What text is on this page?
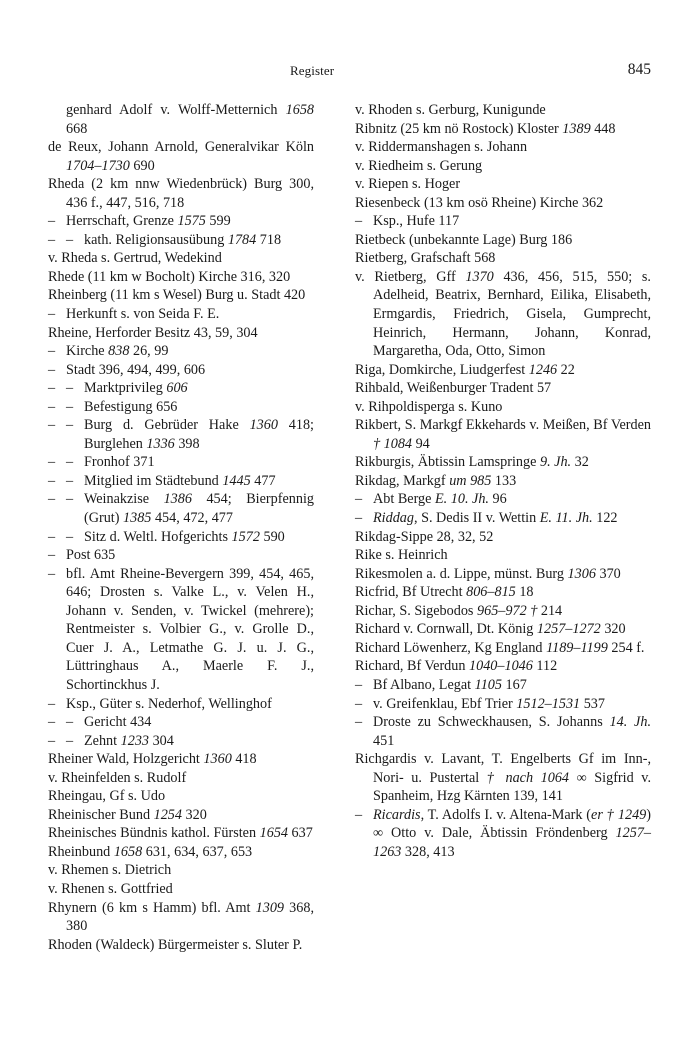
Register	845
genhard Adolf v. Wolff-Metternich 1658 668
de Reux, Johann Arnold, Generalvikar Köln 1704–1730 690
Rheda (2 km nnw Wiedenbrück) Burg 300, 436 f., 447, 516, 718
– Herrschaft, Grenze 1575 599
– – kath. Religionsausübung 1784 718
v. Rheda s. Gertrud, Wedekind
Rhede (11 km w Bocholt) Kirche 316, 320
Rheinberg (11 km s Wesel) Burg u. Stadt 420
– Herkunft s. von Seida F. E.
Rheine, Herforder Besitz 43, 59, 304
– Kirche 838 26, 99
– Stadt 396, 494, 499, 606
– – Marktprivileg 606
– – Befestigung 656
– – Burg d. Gebrüder Hake 1360 418; Burglehen 1336 398
– – Fronhof 371
– – Mitglied im Städtebund 1445 477
– – Weinakzise 1386 454; Bierpfennig (Grut) 1385 454, 472, 477
– – Sitz d. Weltl. Hofgerichts 1572 590
– Post 635
– bfl. Amt Rheine-Bevergern 399, 454, 465, 646; Drosten s. Valke L., v. Velen H., Johann v. Senden, v. Twickel (mehrere); Rentmeister s. Volbier G., v. Grolle D., Cuer J. A., Letmathe G. J. u. J. G., Lüttringhaus A., Maerle F. J., Schortinckhus J.
– Ksp., Güter s. Nederhof, Wellinghof
– – Gericht 434
– – Zehnt 1233 304
Rheiner Wald, Holzgericht 1360 418
v. Rheinfelden s. Rudolf
Rheingau, Gf s. Udo
Rheinischer Bund 1254 320
Rheinisches Bündnis kathol. Fürsten 1654 637
Rheinbund 1658 631, 634, 637, 653
v. Rhemen s. Dietrich
v. Rhenen s. Gottfried
Rhynern (6 km s Hamm) bfl. Amt 1309 368, 380
Rhoden (Waldeck) Bürgermeister s. Sluter P.
v. Rhoden s. Gerburg, Kunigunde
Ribnitz (25 km nö Rostock) Kloster 1389 448
v. Riddermanshagen s. Johann
v. Riedheim s. Gerung
v. Riepen s. Hoger
Riesenbeck (13 km osö Rheine) Kirche 362
– Ksp., Hufe 117
Rietbeck (unbekannte Lage) Burg 186
Rietberg, Grafschaft 568
v. Rietberg, Gff 1370 436, 456, 515, 550; s. Adelheid, Beatrix, Bernhard, Eilika, Elisabeth, Ermgardis, Friedrich, Gisela, Gumprecht, Heinrich, Hermann, Johann, Konrad, Margaretha, Oda, Otto, Simon
Riga, Domkirche, Liudgerfest 1246 22
Rihbald, Weißenburger Tradent 57
v. Rihpoldisperga s. Kuno
Rikbert, S. Markgf Ekkehards v. Meißen, Bf Verden † 1084 94
Rikburgis, Äbtissin Lamspringe 9. Jh. 32
Rikdag, Markgf um 985 133
– Abt Berge E. 10. Jh. 96
– Riddag, S. Dedis II v. Wettin E. 11. Jh. 122
Rikdag-Sippe 28, 32, 52
Rike s. Heinrich
Rikesmolen a. d. Lippe, münst. Burg 1306 370
Ricfrid, Bf Utrecht 806–815 18
Richar, S. Sigebodos 965–972 † 214
Richard v. Cornwall, Dt. König 1257–1272 320
Richard Löwenherz, Kg England 1189–1199 254 f.
Richard, Bf Verdun 1040–1046 112
– Bf Albano, Legat 1105 167
– v. Greifenklau, Ebf Trier 1512–1531 537
– Droste zu Schweckhausen, S. Johanns 14. Jh. 451
Richgardis v. Lavant, T. Engelberts Gf im Inn-, Nori- u. Pustertal † nach 1064 ∞ Sigfrid v. Spanheim, Hzg Kärnten 139, 141
– Ricardis, T. Adolfs I. v. Altena-Mark (er † 1249) ∞ Otto v. Dale, Äbtissin Fröndenberg 1257–1263 328, 413
